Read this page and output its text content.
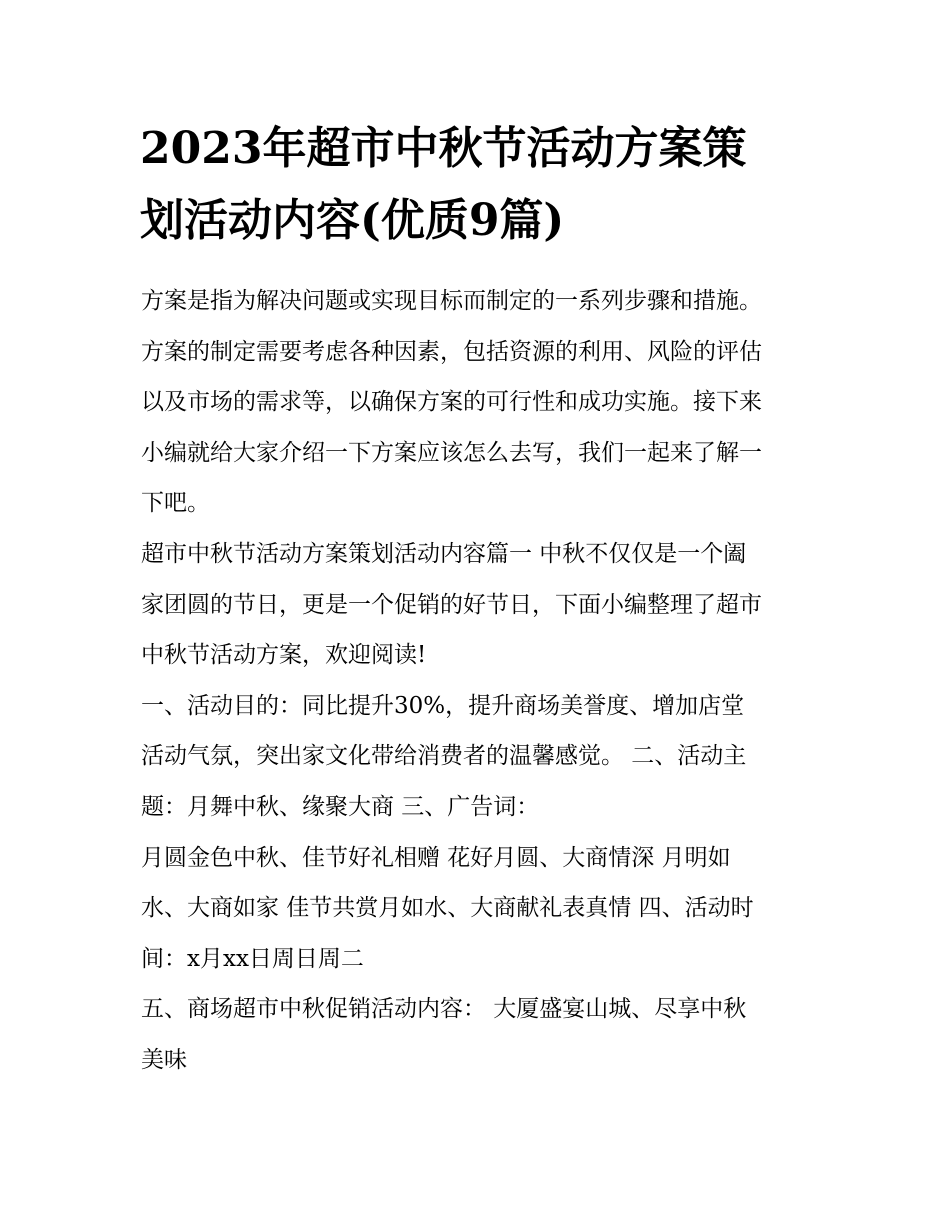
2023年超市中秋节活动方案策
划活动内容(优质9篇)
方案是指为解决问题或实现目标而制定的一系列步骤和措施。
方案的制定需要考虑各种因素，包括资源的利用、风险的评估
以及市场的需求等，以确保方案的可行性和成功实施。接下来
小编就给大家介绍一下方案应该怎么去写，我们一起来了解一
下吧。
超市中秋节活动方案策划活动内容篇一 中秋不仅仅是一个阖
家团圆的节日，更是一个促销的好节日，下面小编整理了超市
中秋节活动方案，欢迎阅读!
一、活动目的：同比提升30%，提升商场美誉度、增加店堂
活动气氛，突出家文化带给消费者的温馨感觉。 二、活动主
题：月舞中秋、缘聚大商 三、广告词：
月圆金色中秋、佳节好礼相赠 花好月圆、大商情深 月明如
水、大商如家 佳节共赏月如水、大商献礼表真情 四、活动时
间：x月xx日周日周二
五、商场超市中秋促销活动内容： 大厦盛宴山城、尽享中秋
美味
